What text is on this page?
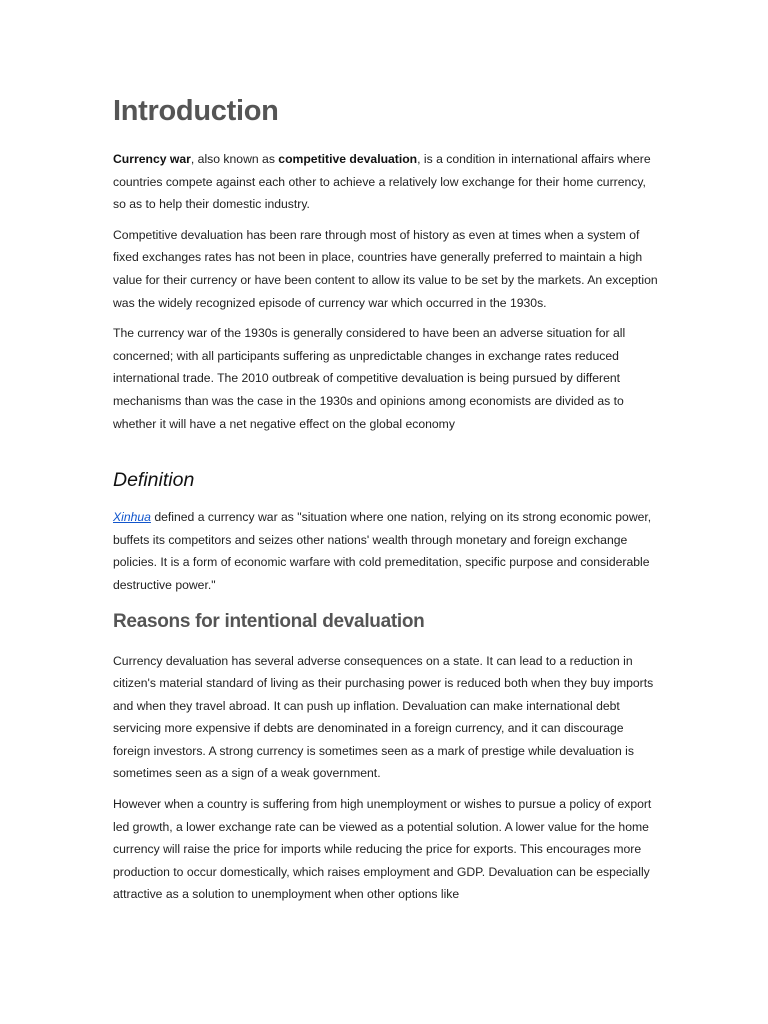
Introduction

Currency war, also known as competitive devaluation, is a condition in international affairs where countries compete against each other to achieve a relatively low exchange for their home currency, so as to help their domestic industry.

Competitive devaluation has been rare through most of history as even at times when a system of fixed exchanges rates has not been in place, countries have generally preferred to maintain a high value for their currency or have been content to allow its value to be set by the markets. An exception was the widely recognized episode of currency war which occurred in the 1930s.

The currency war of the 1930s is generally considered to have been an adverse situation for all concerned; with all participants suffering as unpredictable changes in exchange rates reduced international trade. The 2010 outbreak of competitive devaluation is being pursued by different mechanisms than was the case in the 1930s and opinions among economists are divided as to whether it will have a net negative effect on the global economy

Definition

Xinhua defined a currency war as "situation where one nation, relying on its strong economic power, buffets its competitors and seizes other nations' wealth through monetary and foreign exchange policies. It is a form of economic warfare with cold premeditation, specific purpose and considerable destructive power."

Reasons for intentional devaluation

Currency devaluation has several adverse consequences on a state. It can lead to a reduction in citizen's material standard of living as their purchasing power is reduced both when they buy imports and when they travel abroad. It can push up inflation. Devaluation can make international debt servicing more expensive if debts are denominated in a foreign currency, and it can discourage foreign investors. A strong currency is sometimes seen as a mark of prestige while devaluation is sometimes seen as a sign of a weak government.

However when a country is suffering from high unemployment or wishes to pursue a policy of export led growth, a lower exchange rate can be viewed as a potential solution. A lower value for the home currency will raise the price for imports while reducing the price for exports. This encourages more production to occur domestically, which raises employment and GDP. Devaluation can be especially attractive as a solution to unemployment when other options like
